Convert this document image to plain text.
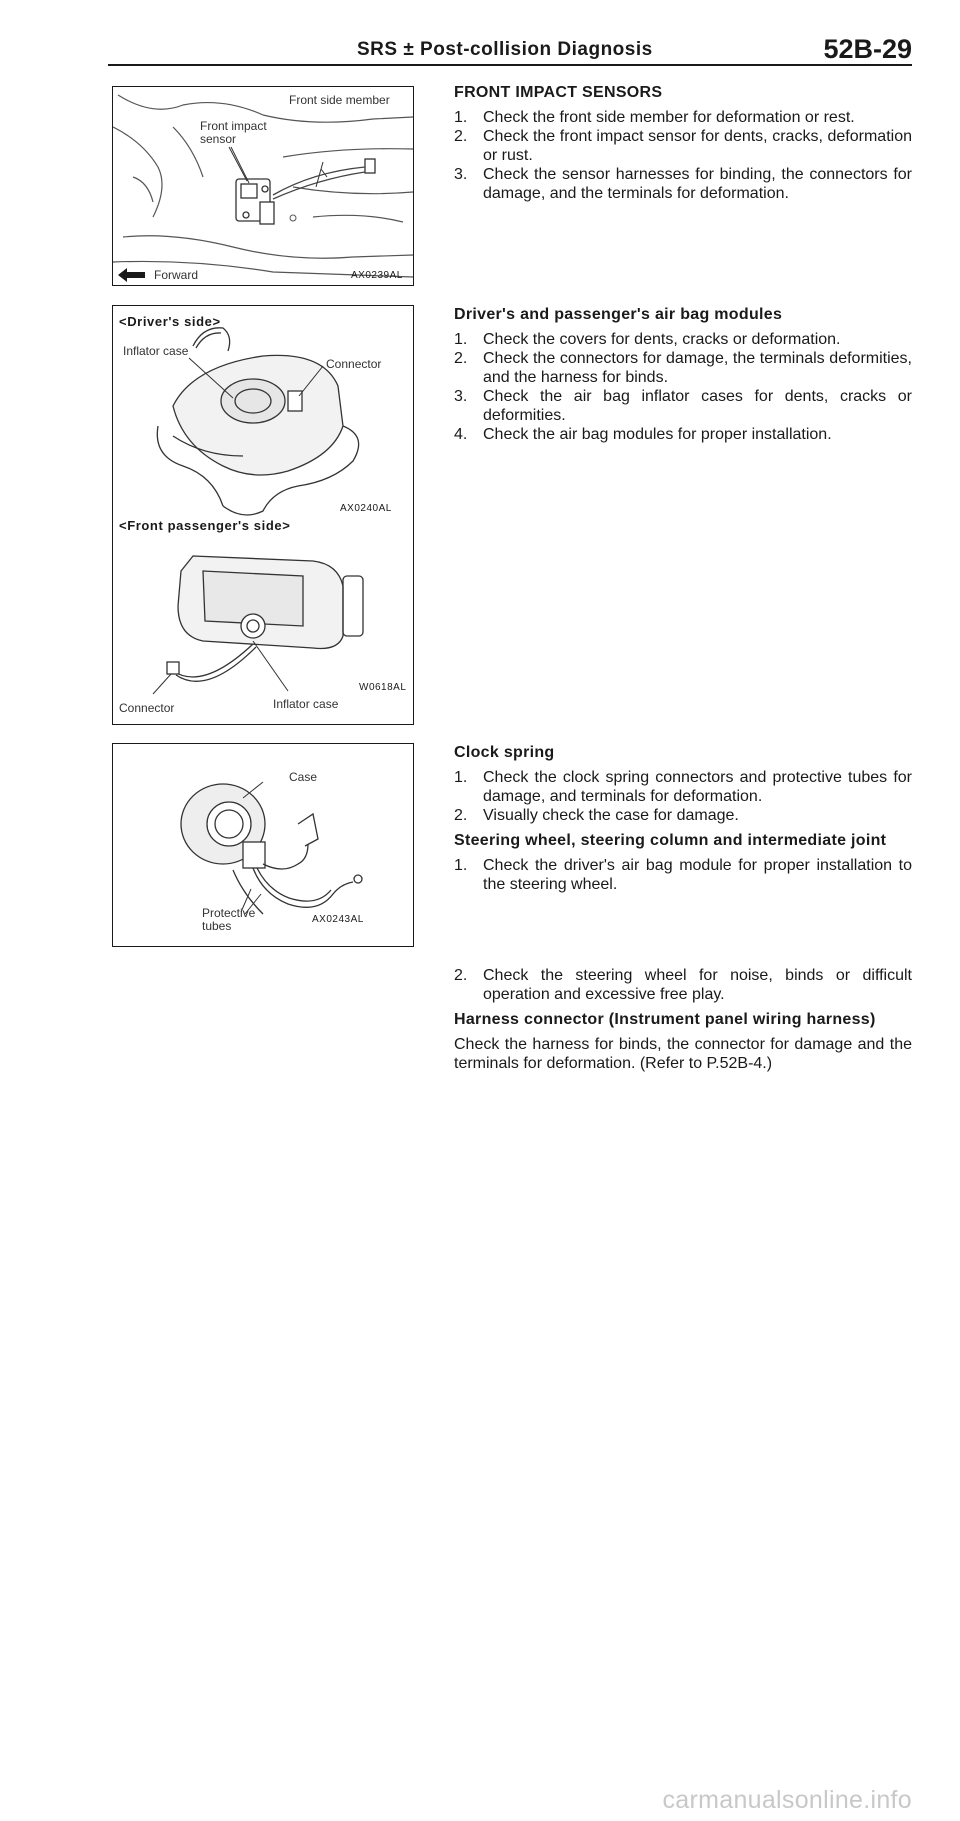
SRS ± Post-collision Diagnosis	52B-29
Front side member
Front impact
sensor
Forward	AX0239AL
<Driver's side>
Inflator case
Connector
AX0240AL
<Front passenger's side>
W0618AL
Connector	Inflator case
Case
Protective
tubes	AX0243AL
FRONT IMPACT SENSORS
1. Check the front side member for deformation or rest.
2. Check the front impact sensor for dents, cracks, deformation or rust.
3. Check the sensor harnesses for binding, the connectors for damage, and the terminals for deformation.
Driver's and passenger's air bag modules
1. Check the covers for dents, cracks or deformation.
2. Check the connectors for damage, the terminals deformities, and the harness for binds.
3. Check the air bag inflator cases for dents, cracks or deformities.
4. Check the air bag modules for proper installation.
Clock spring
1. Check the clock spring connectors and protective tubes for damage, and terminals for deformation.
2. Visually check the case for damage.
Steering wheel, steering column and intermediate joint
1. Check the driver's air bag module for proper installation to the steering wheel.
2. Check the steering wheel for noise, binds or difficult operation and excessive free play.
Harness connector (Instrument panel wiring harness)

Check the harness for binds, the connector for damage and the terminals for deformation. (Refer to P.52B-4.)

carmanualsonline.info
